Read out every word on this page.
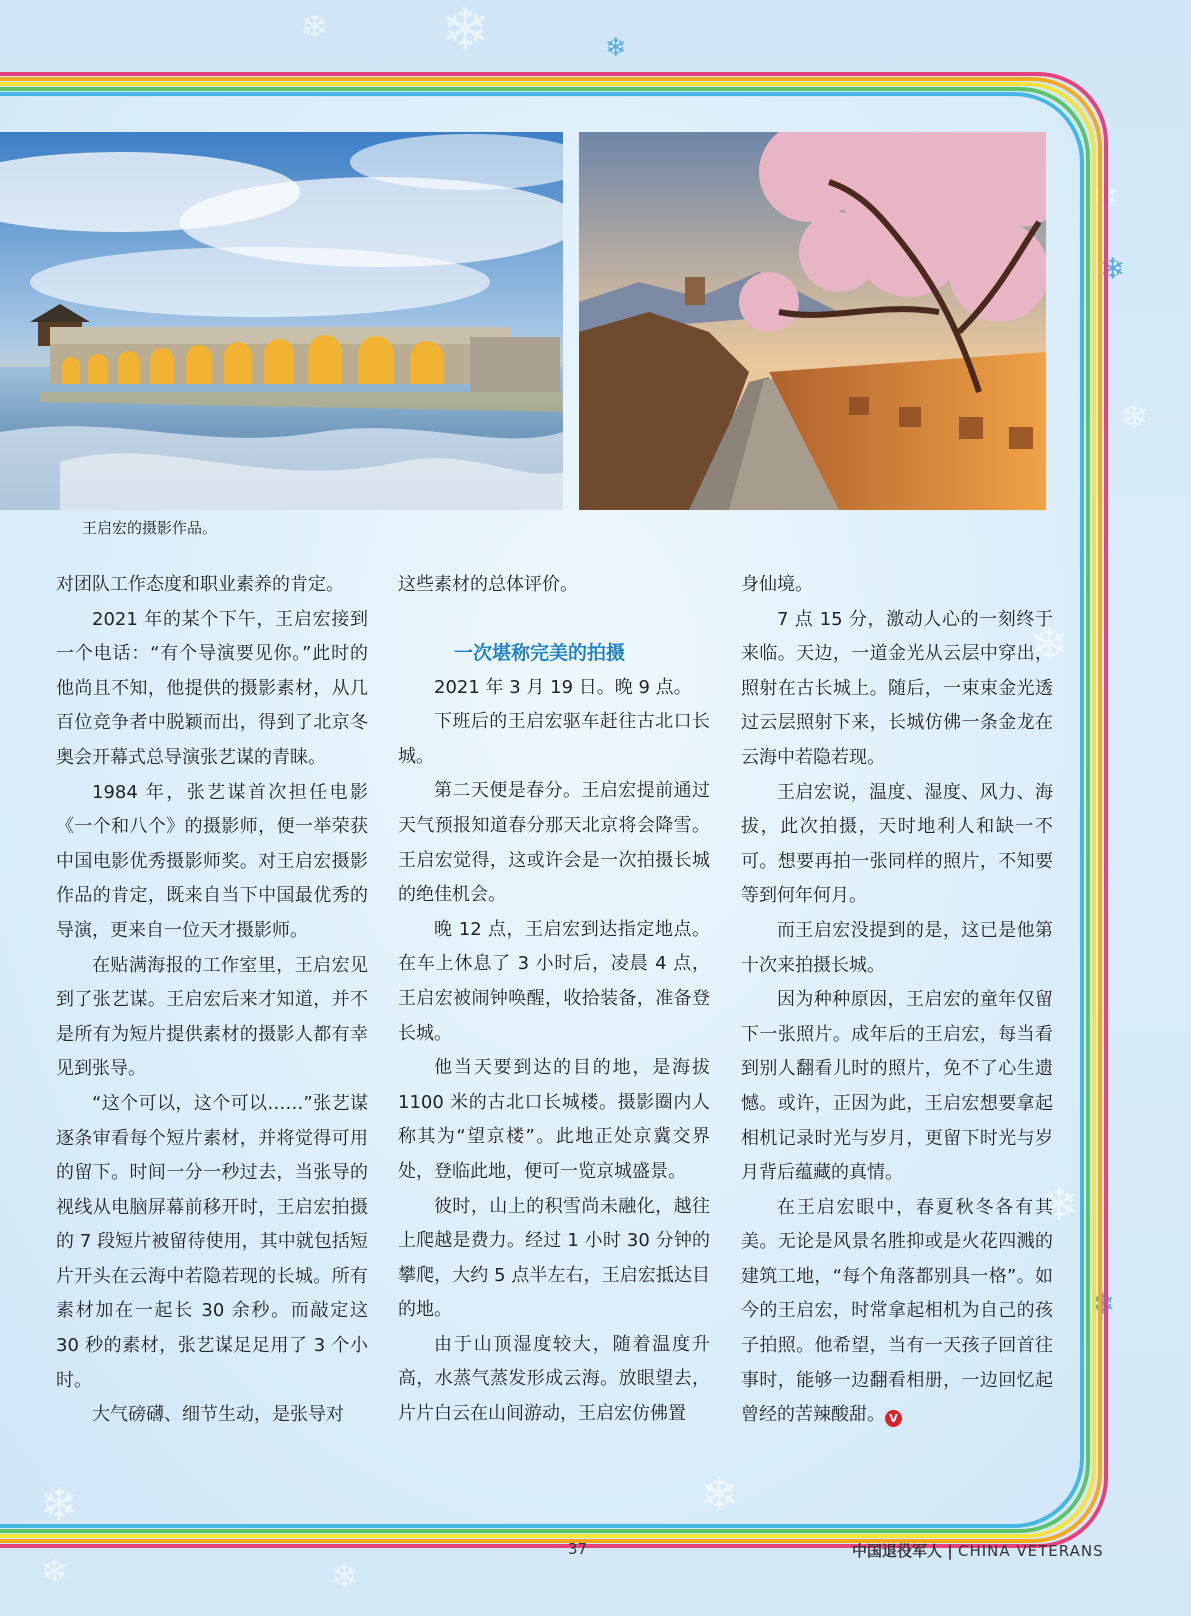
❄ ❄
❄
❄
❄	❄
❄
❄
❄
❄
❄
❄	❄
王启宏的摄影作品。

对团队工作态度和职业素养的肯定。

2021 年的某个下午，王启宏接到一个电话：“有个导演要见你。”此时的他尚且不知，他提供的摄影素材，从几百位竞争者中脱颖而出，得到了北京冬奥会开幕式总导演张艺谋的青睐。

1984 年，张艺谋首次担任电影《一个和八个》的摄影师，便一举荣获中国电影优秀摄影师奖。对王启宏摄影作品的肯定，既来自当下中国最优秀的导演，更来自一位天才摄影师。

在贴满海报的工作室里，王启宏见到了张艺谋。王启宏后来才知道，并不是所有为短片提供素材的摄影人都有幸见到张导。

“这个可以，这个可以……”张艺谋逐条审看每个短片素材，并将觉得可用的留下。时间一分一秒过去，当张导的视线从电脑屏幕前移开时，王启宏拍摄的 7 段短片被留待使用，其中就包括短片开头在云海中若隐若现的长城。所有素材加在一起长 30 余秒。而敲定这 30 秒的素材，张艺谋足足用了 3 个小时。

大气磅礴、细节生动，是张导对

这些素材的总体评价。

一次堪称完美的拍摄

2021 年 3 月 19 日。晚 9 点。

下班后的王启宏驱车赶往古北口长城。

第二天便是春分。王启宏提前通过天气预报知道春分那天北京将会降雪。王启宏觉得，这或许会是一次拍摄长城的绝佳机会。

晚 12 点，王启宏到达指定地点。在车上休息了 3 小时后，凌晨 4 点，王启宏被闹钟唤醒，收拾装备，准备登长城。

他当天要到达的目的地，是海拔 1100 米的古北口长城楼。摄影圈内人称其为“望京楼”。此地正处京冀交界处，登临此地，便可一览京城盛景。

彼时，山上的积雪尚未融化，越往上爬越是费力。经过 1 小时 30 分钟的攀爬，大约 5 点半左右，王启宏抵达目的地。

由于山顶湿度较大，随着温度升高，水蒸气蒸发形成云海。放眼望去，片片白云在山间游动，王启宏仿佛置

身仙境。

7 点 15 分，激动人心的一刻终于来临。天边，一道金光从云层中穿出，照射在古长城上。随后，一束束金光透过云层照射下来，长城仿佛一条金龙在云海中若隐若现。

王启宏说，温度、湿度、风力、海拔，此次拍摄，天时地利人和缺一不可。想要再拍一张同样的照片，不知要等到何年何月。

而王启宏没提到的是，这已是他第十次来拍摄长城。

因为种种原因，王启宏的童年仅留下一张照片。成年后的王启宏，每当看到别人翻看儿时的照片，免不了心生遗憾。或许，正因为此，王启宏想要拿起相机记录时光与岁月，更留下时光与岁月背后蕴藏的真情。

在王启宏眼中，春夏秋冬各有其美。无论是风景名胜抑或是火花四溅的建筑工地，“每个角落都别具一格”。如今的王启宏，时常拿起相机为自己的孩子拍照。他希望，当有一天孩子回首往事时，能够一边翻看相册，一边回忆起曾经的苦辣酸甜。 V

37	中国退役军人 | CHINA VETERANS
